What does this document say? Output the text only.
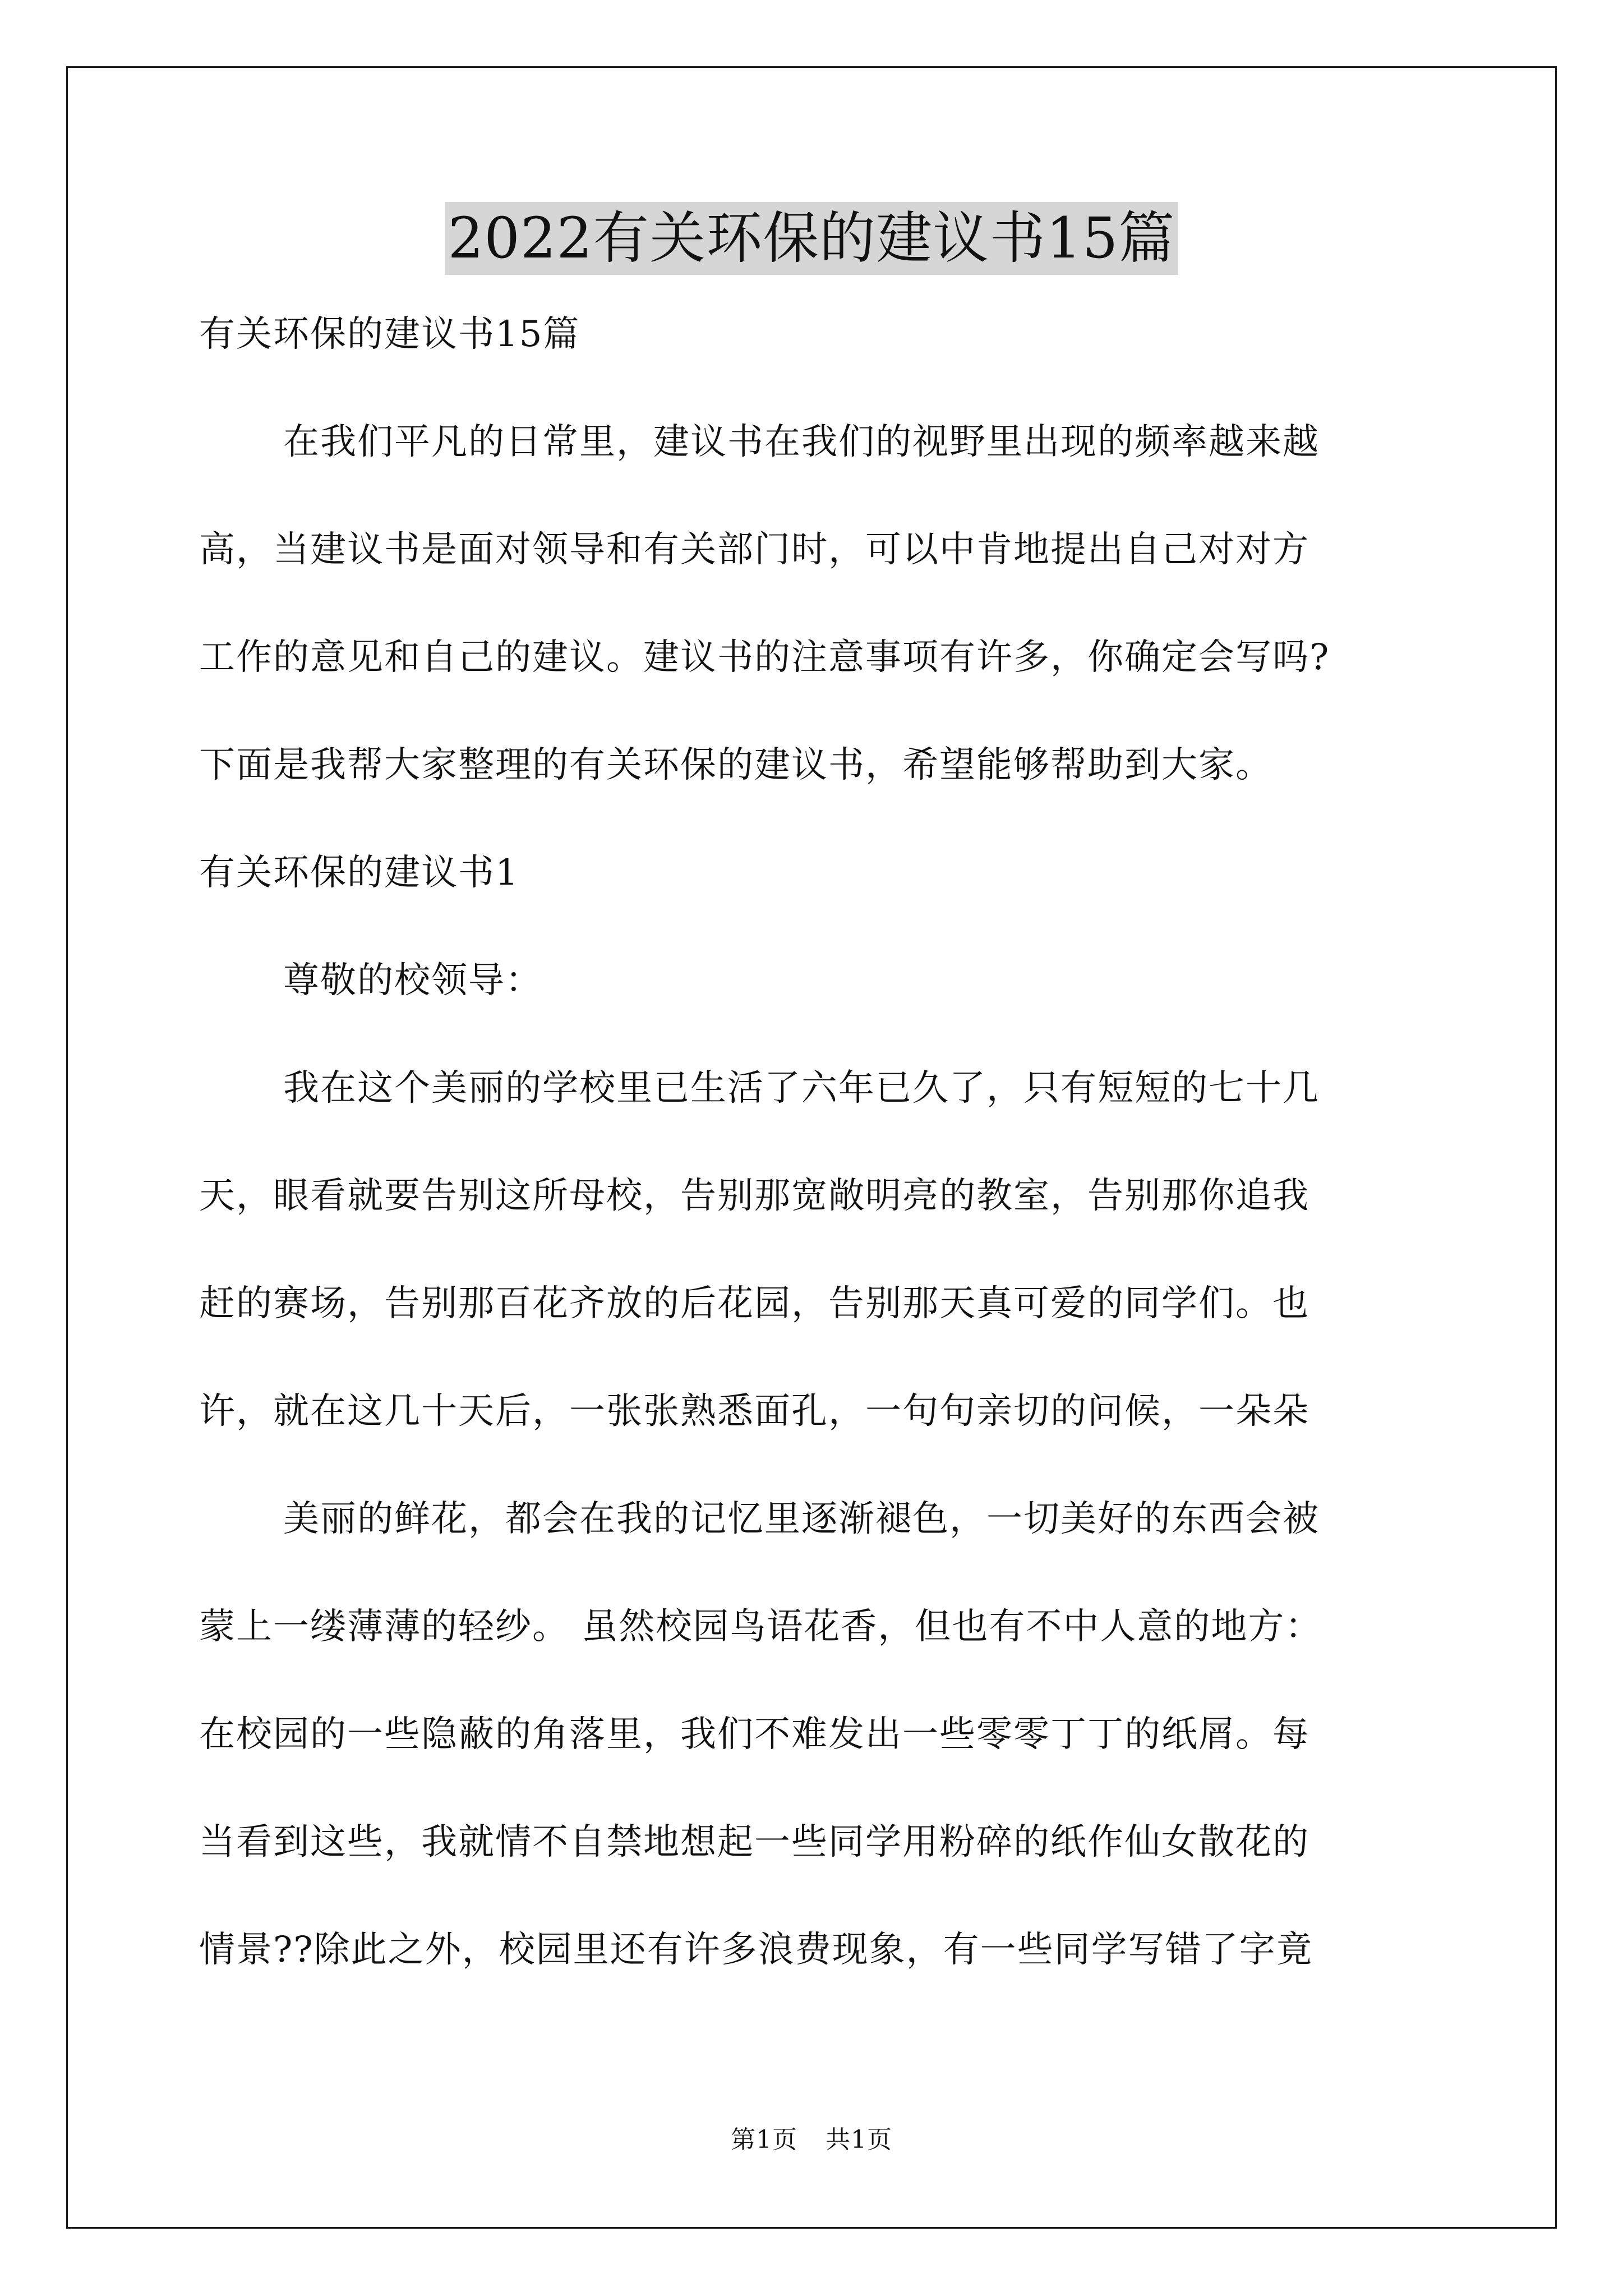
2022有关环保的建议书15篇
有关环保的建议书15篇
在我们平凡的日常里，建议书在我们的视野里出现的频率越来越
高，当建议书是面对领导和有关部门时，可以中肯地提出自己对对方
工作的意见和自己的建议。建议书的注意事项有许多，你确定会写吗?
下面是我帮大家整理的有关环保的建议书，希望能够帮助到大家。
有关环保的建议书1
尊敬的校领导：
我在这个美丽的学校里已生活了六年已久了，只有短短的七十几
天，眼看就要告别这所母校，告别那宽敞明亮的教室，告别那你追我
赶的赛场，告别那百花齐放的后花园，告别那天真可爱的同学们。也
许，就在这几十天后，一张张熟悉面孔，一句句亲切的问候，一朵朵
美丽的鲜花，都会在我的记忆里逐渐褪色，一切美好的东西会被
蒙上一缕薄薄的轻纱。 虽然校园鸟语花香，但也有不中人意的地方：
在校园的一些隐蔽的角落里，我们不难发出一些零零丁丁的纸屑。每
当看到这些，我就情不自禁地想起一些同学用粉碎的纸作仙女散花的
情景??除此之外，校园里还有许多浪费现象，有一些同学写错了字竟
第1页 共1页
